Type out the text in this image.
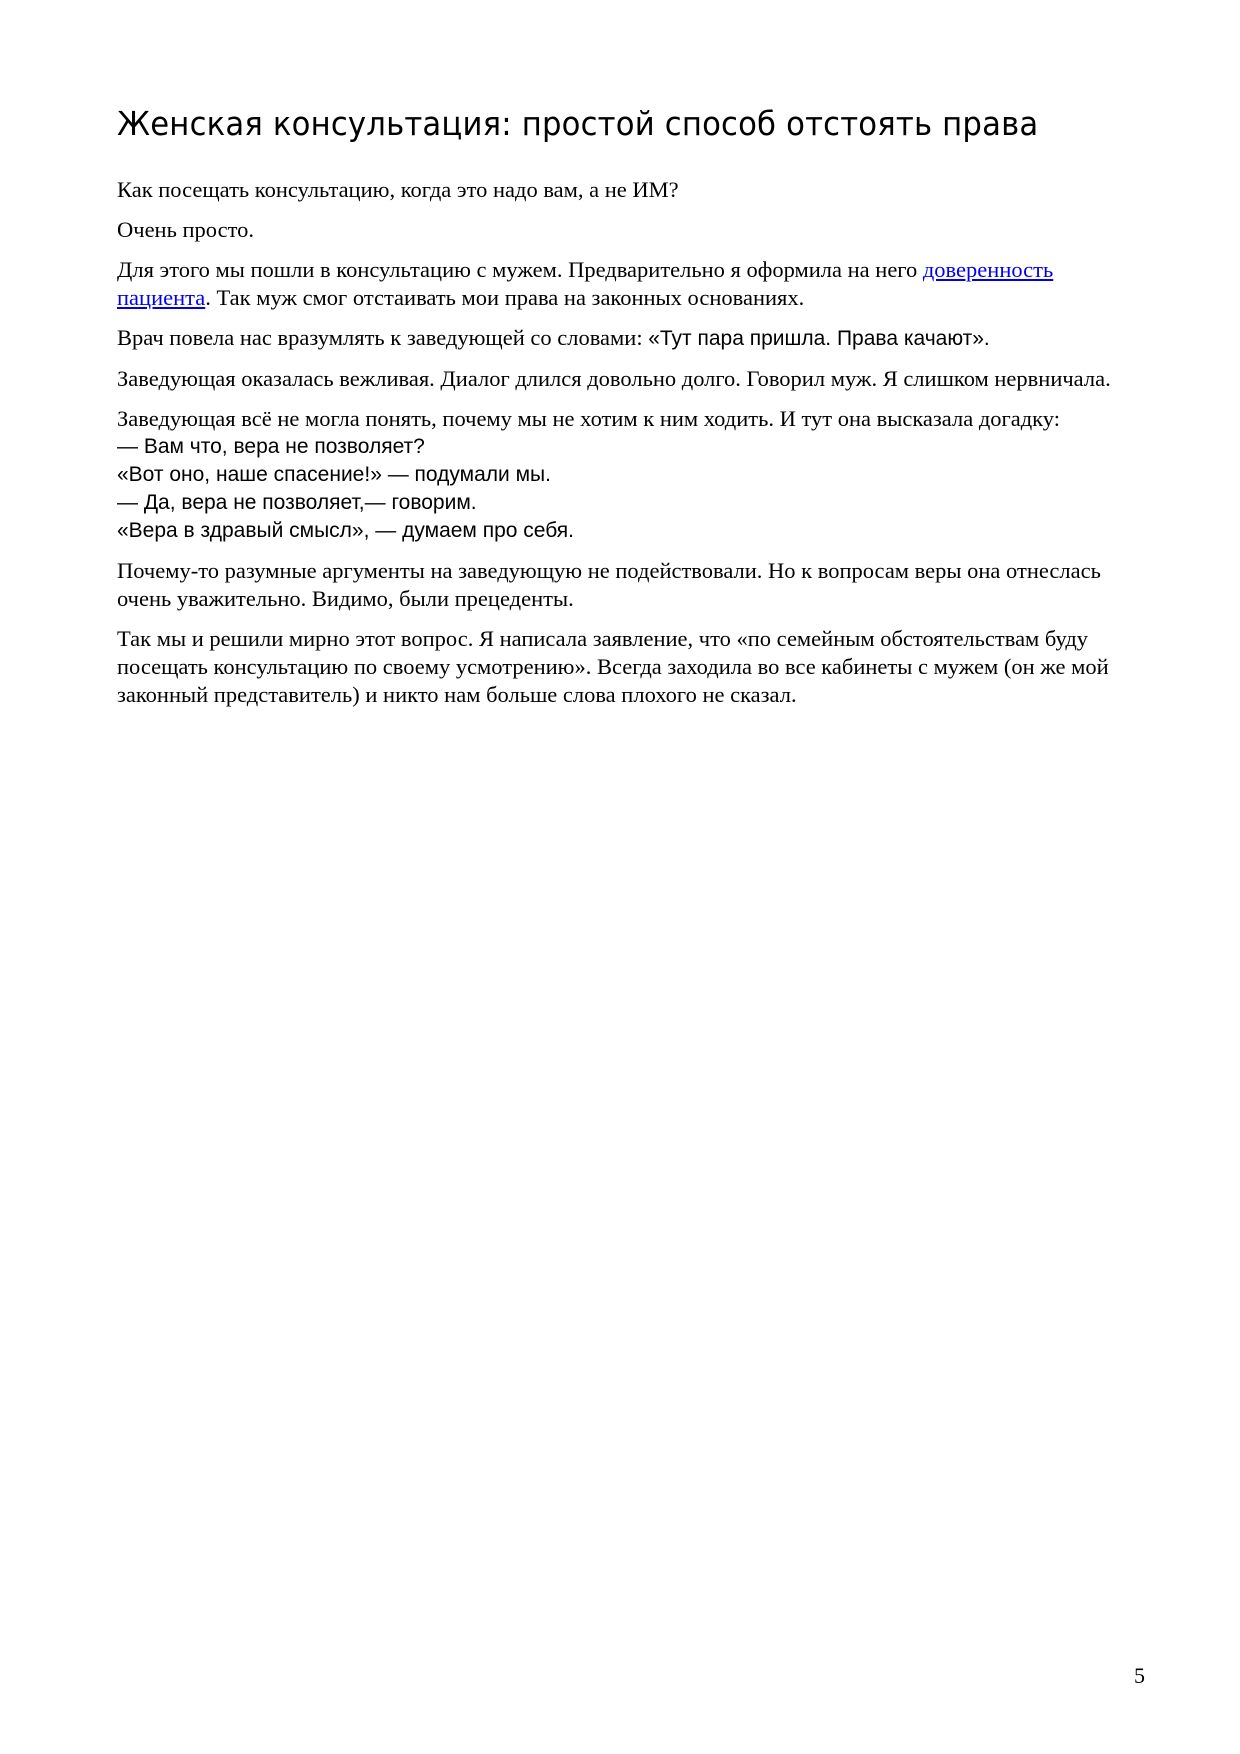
Женская консультация: простой способ отстоять права

Как посещать консультацию, когда это надо вам, а не ИМ?

Очень просто.

Для этого мы пошли в консультацию с мужем. Предварительно я оформила на него доверенность пациента. Так муж смог отстаивать мои права на законных основаниях.

Врач повела нас вразумлять к заведующей со словами: «Тут пара пришла. Права качают».

Заведующая оказалась вежливая. Диалог длился довольно долго. Говорил муж. Я слишком нервничала.

Заведующая всё не могла понять, почему мы не хотим к ним ходить. И тут она высказала догадку:
— Вам что, вера не позволяет?
«Вот оно, наше спасение!» — подумали мы.
— Да, вера не позволяет,— говорим.
«Вера в здравый смысл», — думаем про себя.

Почему-то разумные аргументы на заведующую не подействовали. Но к вопросам веры она отнеслась очень уважительно. Видимо, были прецеденты.

Так мы и решили мирно этот вопрос. Я написала заявление, что «по семейным обстоятельствам буду посещать консультацию по своему усмотрению». Всегда заходила во все кабинеты с мужем (он же мой законный представитель) и никто нам больше слова плохого не сказал.

5
